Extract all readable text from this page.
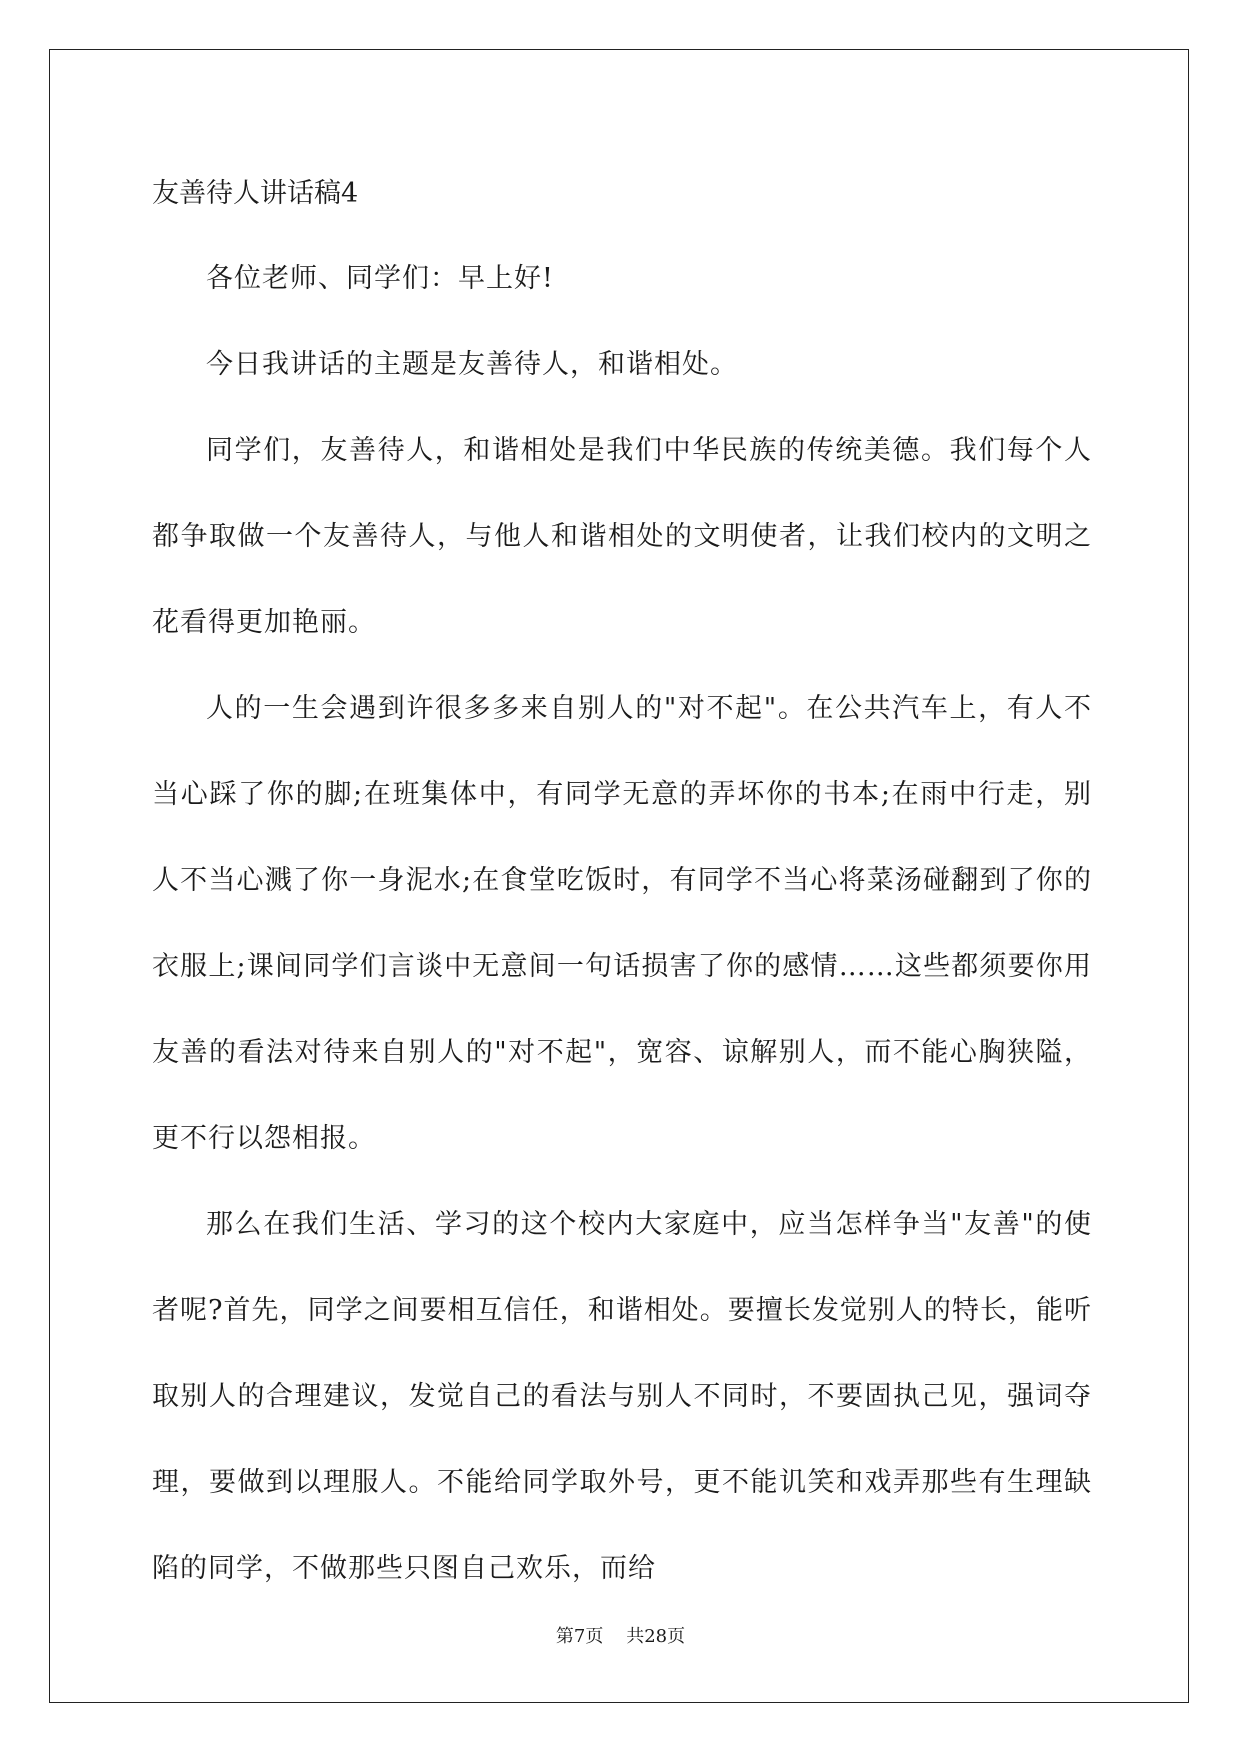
友善待人讲话稿4

各位老师、同学们：早上好!

今日我讲话的主题是友善待人，和谐相处。

同学们，友善待人，和谐相处是我们中华民族的传统美德。我们每个人都争取做一个友善待人，与他人和谐相处的文明使者，让我们校内的文明之花看得更加艳丽。

人的一生会遇到许很多多来自别人的"对不起"。在公共汽车上，有人不当心踩了你的脚;在班集体中，有同学无意的弄坏你的书本;在雨中行走，别人不当心溅了你一身泥水;在食堂吃饭时，有同学不当心将菜汤碰翻到了你的衣服上;课间同学们言谈中无意间一句话损害了你的感情……这些都须要你用友善的看法对待来自别人的"对不起"，宽容、谅解别人，而不能心胸狭隘，更不行以怨相报。

那么在我们生活、学习的这个校内大家庭中，应当怎样争当"友善"的使者呢?首先，同学之间要相互信任，和谐相处。要擅长发觉别人的特长，能听取别人的合理建议，发觉自己的看法与别人不同时，不要固执己见，强词夺理，要做到以理服人。不能给同学取外号，更不能讥笑和戏弄那些有生理缺陷的同学，不做那些只图自己欢乐，而给

第7页    共28页
